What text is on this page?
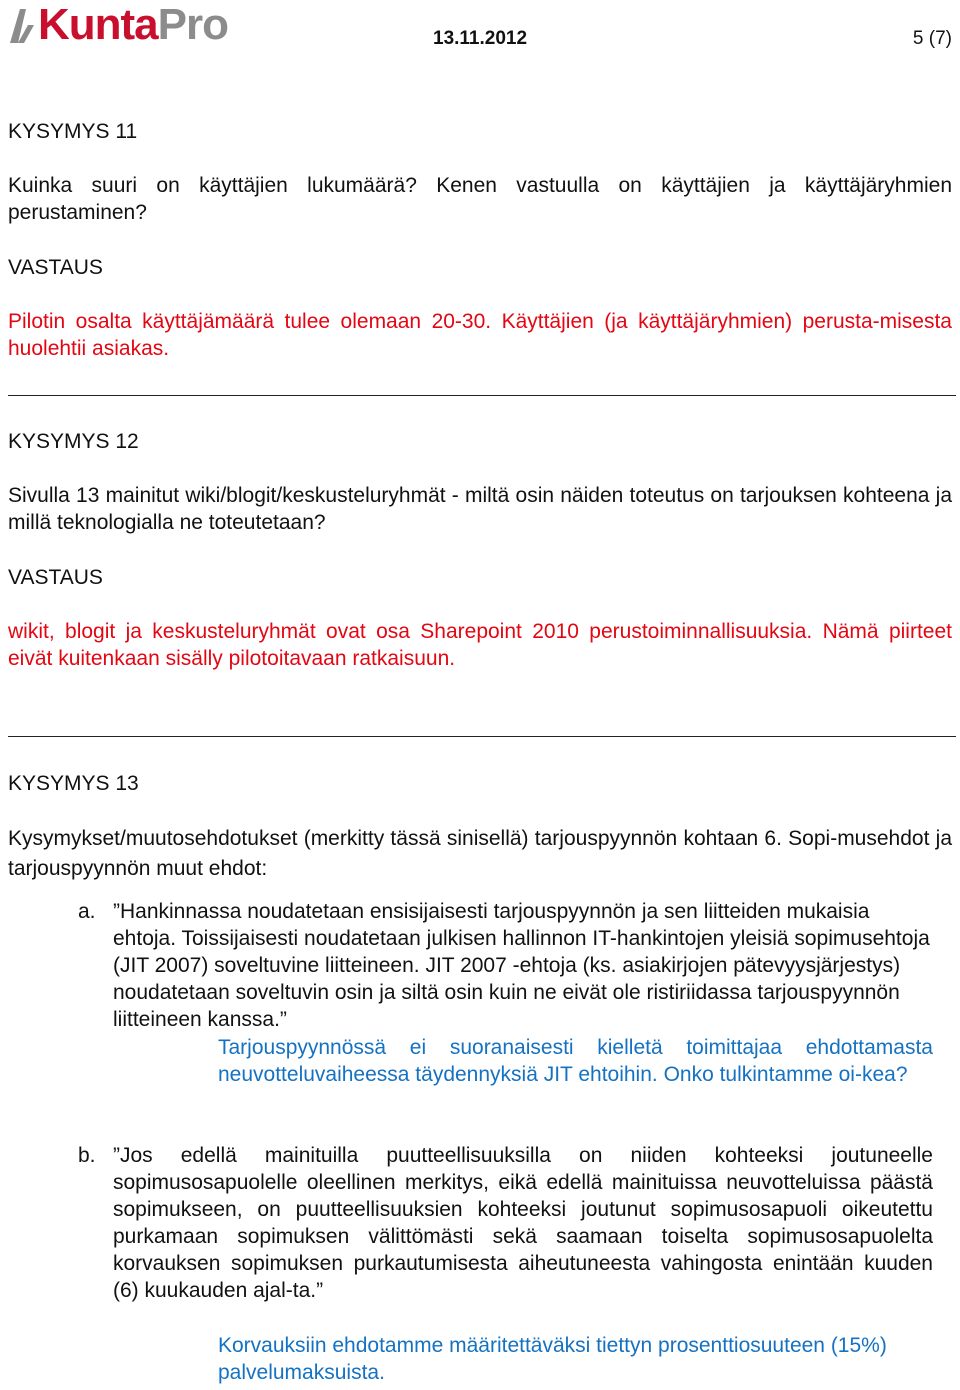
KuntaPro	13.11.2012	5 (7)
KYSYMYS 11
Kuinka suuri on käyttäjien lukumäärä? Kenen vastuulla on käyttäjien ja käyttäjäryhmien perustaminen?
VASTAUS
Pilotin osalta käyttäjämäärä tulee olemaan 20-30. Käyttäjien (ja käyttäjäryhmien) perusta-misesta huolehtii asiakas.
KYSYMYS 12
Sivulla 13 mainitut wiki/blogit/keskusteluryhmät - miltä osin näiden toteutus on tarjouksen kohteena ja millä teknologialla ne toteutetaan?
VASTAUS
wikit, blogit ja keskusteluryhmät ovat osa Sharepoint 2010 perustoiminnallisuuksia. Nämä piirteet eivät kuitenkaan sisälly pilotoitavaan ratkaisuun.
KYSYMYS 13
Kysymykset/muutosehdotukset (merkitty tässä sinisellä) tarjouspyynnön kohtaan 6. Sopi-musehdot ja tarjouspyynnön muut ehdot:
a. ”Hankinnassa noudatetaan ensisijaisesti tarjouspyynnön ja sen liitteiden mukaisia ehtoja. Toissijaisesti noudatetaan julkisen hallinnon IT-hankintojen yleisiä sopimusehtoja (JIT 2007) soveltuvine liitteineen. JIT 2007 -ehtoja (ks. asiakirjojen pätevyysjärjestys) noudatetaan soveltuvin osin ja siltä osin kuin ne eivät ole ristiriidassa tarjouspyynnön liitteineen kanssa.”
Tarjouspyynnössä ei suoranaisesti kielletä toimittajaa ehdottamasta neuvotteluvaiheessa täydennyksiä JIT ehtoihin. Onko tulkintamme oi-kea?
b. ”Jos edellä mainituilla puutteellisuuksilla on niiden kohteeksi joutuneelle sopimusosapuolelle oleellinen merkitys, eikä edellä mainituissa neuvotteluissa päästä sopimukseen, on puutteellisuuksien kohteeksi joutunut sopimusosapuoli oikeutettu purkamaan sopimuksen välittömästi sekä saamaan toiselta sopimusosapuolelta korvauksen sopimuksen purkautumisesta aiheutuneesta vahingosta enintään kuuden (6) kuukauden ajal-ta.”
Korvauksiin ehdotamme määritettäväksi tiettyn prosenttiosuuteen (15%) palvelumaksuista.
